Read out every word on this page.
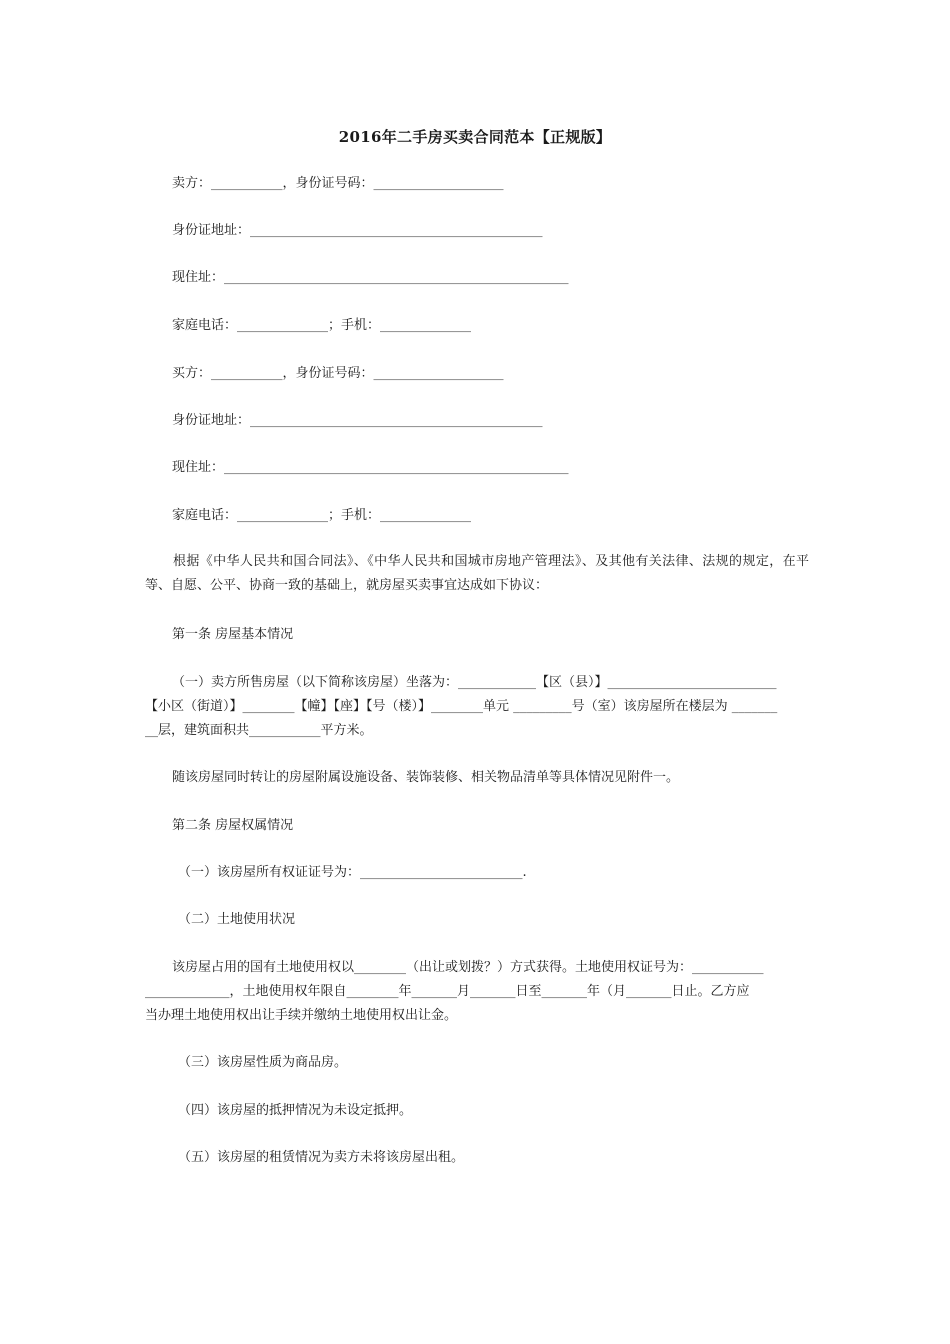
2016年二手房买卖合同范本【正规版】
卖方：___________，身份证号码：____________________
身份证地址：_____________________________________________
现住址：_____________________________________________________
家庭电话：______________；手机：______________
买方：___________，身份证号码：____________________
身份证地址：_____________________________________________
现住址：_____________________________________________________
家庭电话：______________；手机：______________
根据《中华人民共和国合同法》、《中华人民共和国城市房地产管理法》、及其他有关法律、法规的规定，在平等、自愿、公平、协商一致的基础上，就房屋买卖事宜达成如下协议：
第一条 房屋基本情况
（一）卖方所售房屋（以下简称该房屋）坐落为：____________【区（县）】__________________________
【小区（街道）】________【幢】【座】【号（楼）】________单元 _________号（室）该房屋所在楼层为 _______
__层，建筑面积共___________平方米。
随该房屋同时转让的房屋附属设施设备、装饰装修、相关物品清单等具体情况见附件一。
第二条 房屋权属情况
（一）该房屋所有权证证号为：_________________________.
（二）土地使用状况
该房屋占用的国有土地使用权以________（出让或划拨？）方式获得。土地使用权证号为：___________
_____________，土地使用权年限自________年_______月_______日至_______年（月_______日止。乙方应
当办理土地使用权出让手续并缴纳土地使用权出让金。
（三）该房屋性质为商品房。
（四）该房屋的抵押情况为未设定抵押。
（五）该房屋的租赁情况为卖方未将该房屋出租。
